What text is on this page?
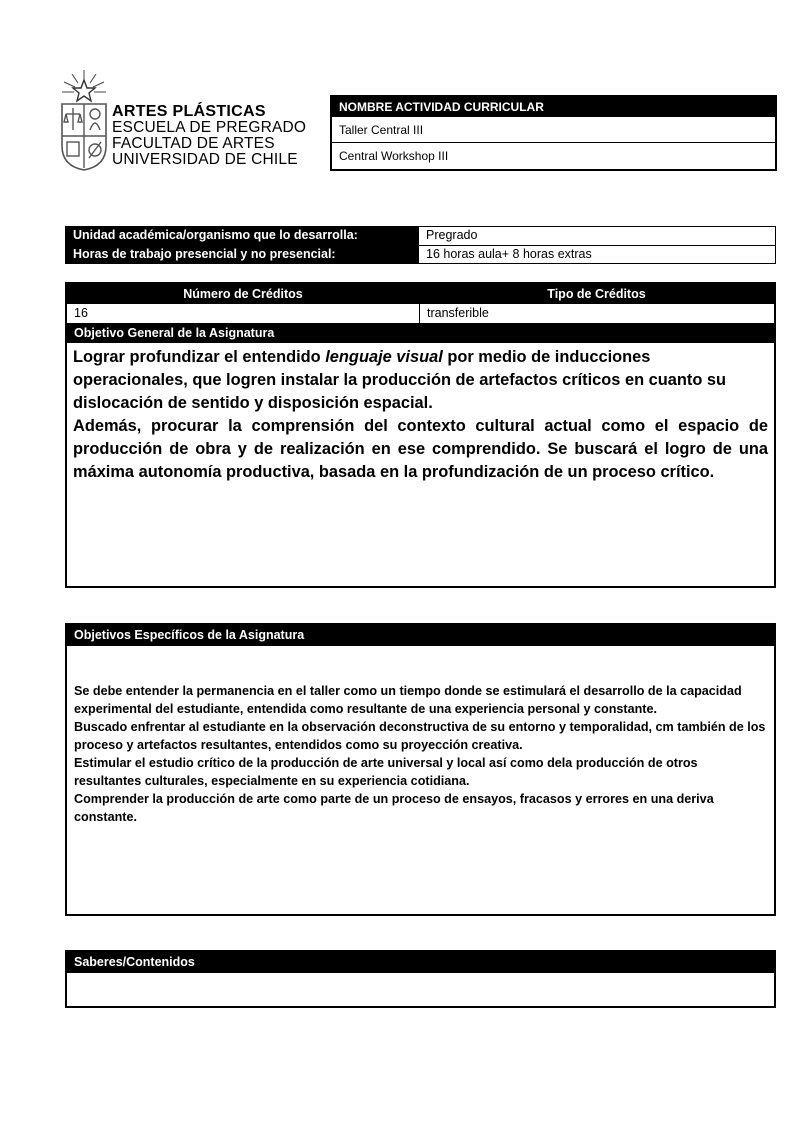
ARTES PLÁSTICAS
ESCUELA DE PREGRADO
FACULTAD DE ARTES
UNIVERSIDAD DE CHILE
NOMBRE ACTIVIDAD CURRICULAR
Taller Central III
Central Workshop III
Unidad académica/organismo que lo desarrolla:	Pregrado
Horas de trabajo presencial y no presencial:	16 horas aula+ 8 horas extras
Número de Créditos	Tipo de Créditos
16	transferible
Objetivo General de la Asignatura

Lograr profundizar el entendido lenguaje visual por medio de inducciones operacionales, que logren instalar la producción de artefactos críticos en cuanto su dislocación de sentido y disposición espacial.

Además, procurar la comprensión del contexto cultural actual como el espacio de producción de obra y de realización en ese comprendido. Se buscará el logro de una máxima autonomía productiva, basada en la profundización de un proceso crítico.

Objetivos Específicos de la Asignatura

Se debe entender la permanencia en el taller como un tiempo donde se estimulará el desarrollo de la capacidad experimental del estudiante, entendida como resultante de una experiencia personal y constante.

Buscado enfrentar al estudiante en la observación deconstructiva de su entorno y temporalidad, cm también de los proceso y artefactos resultantes, entendidos como su proyección creativa.

Estimular el estudio crítico de la producción de arte universal y local así como dela producción de otros resultantes culturales, especialmente en su experiencia cotidiana.

Comprender la producción de arte como parte de un proceso de ensayos, fracasos y errores en una deriva constante.

Saberes/Contenidos
